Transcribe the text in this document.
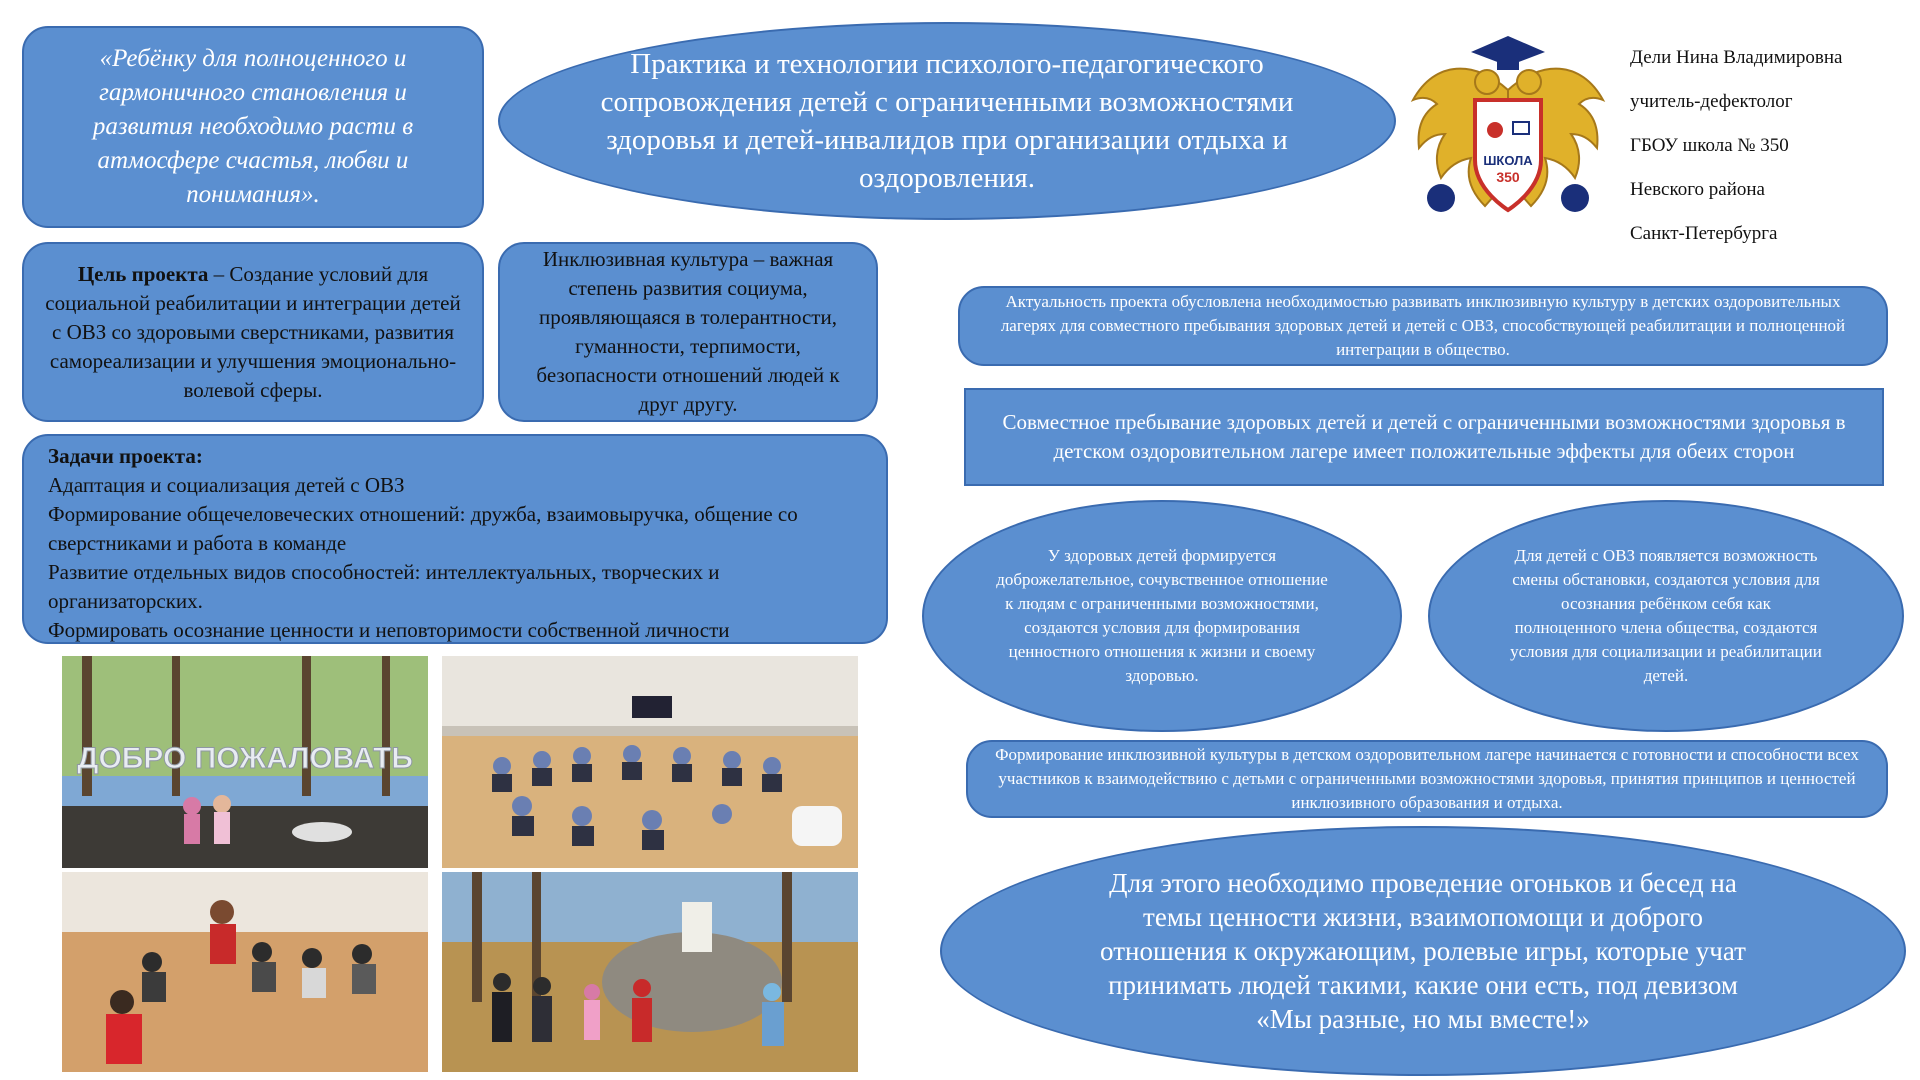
«Ребёнку для полноценного и гармоничного становления и развития необходимо расти в атмосфере счастья, любви и понимания».
Практика и технологии психолого-педагогического сопровождения детей с ограниченными возможностями здоровья и детей-инвалидов при организации отдыха и оздоровления.
ШКОЛА
350
Дели Нина Владимировна
учитель-дефектолог
ГБОУ школа № 350
Невского района
Санкт-Петербурга

Цель проекта – Создание условий для социальной реабилитации и интеграции детей с ОВЗ со здоровыми сверстниками, развития самореализации и улучшения эмоционально-волевой сферы.

Инклюзивная культура – важная степень развития социума, проявляющаяся в толерантности, гуманности, терпимости, безопасности отношений людей к друг другу.
Задачи проекта:
Адаптация и социализация детей с ОВЗ
Формирование общечеловеческих отношений: дружба, взаимовыручка, общение со сверстниками и работа в команде
Развитие отдельных видов способностей: интеллектуальных, творческих и организаторских.
Формировать осознание ценности и неповторимости собственной личности
Актуальность проекта обусловлена необходимостью развивать инклюзивную культуру в детских оздоровительных лагерях для совместного пребывания здоровых детей и детей с ОВЗ, способствующей реабилитации и полноценной интеграции в общество.
Совместное пребывание здоровых детей и детей с ограниченными возможностями здоровья в детском оздоровительном лагере имеет положительные эффекты для обеих сторон
У здоровых детей формируется доброжелательное, сочувственное отношение к людям с ограниченными возможностями, создаются условия для формирования ценностного отношения к жизни и своему здоровью.
Для детей с ОВЗ появляется возможность смены обстановки, создаются условия для осознания ребёнком себя как полноценного члена общества, создаются условия для социализации и реабилитации детей.
Формирование инклюзивной культуры в детском оздоровительном лагере начинается с готовности и способности всех участников к взаимодействию с детьми с ограниченными возможностями здоровья, принятия принципов и ценностей инклюзивного образования и отдыха.
Для этого необходимо проведение огоньков и бесед на темы ценности жизни, взаимопомощи и доброго отношения к окружающим, ролевые игры, которые учат принимать людей такими, какие они есть, под девизом «Мы разные, но мы вместе!»
ДОБРО ПОЖАЛОВАТЬ
